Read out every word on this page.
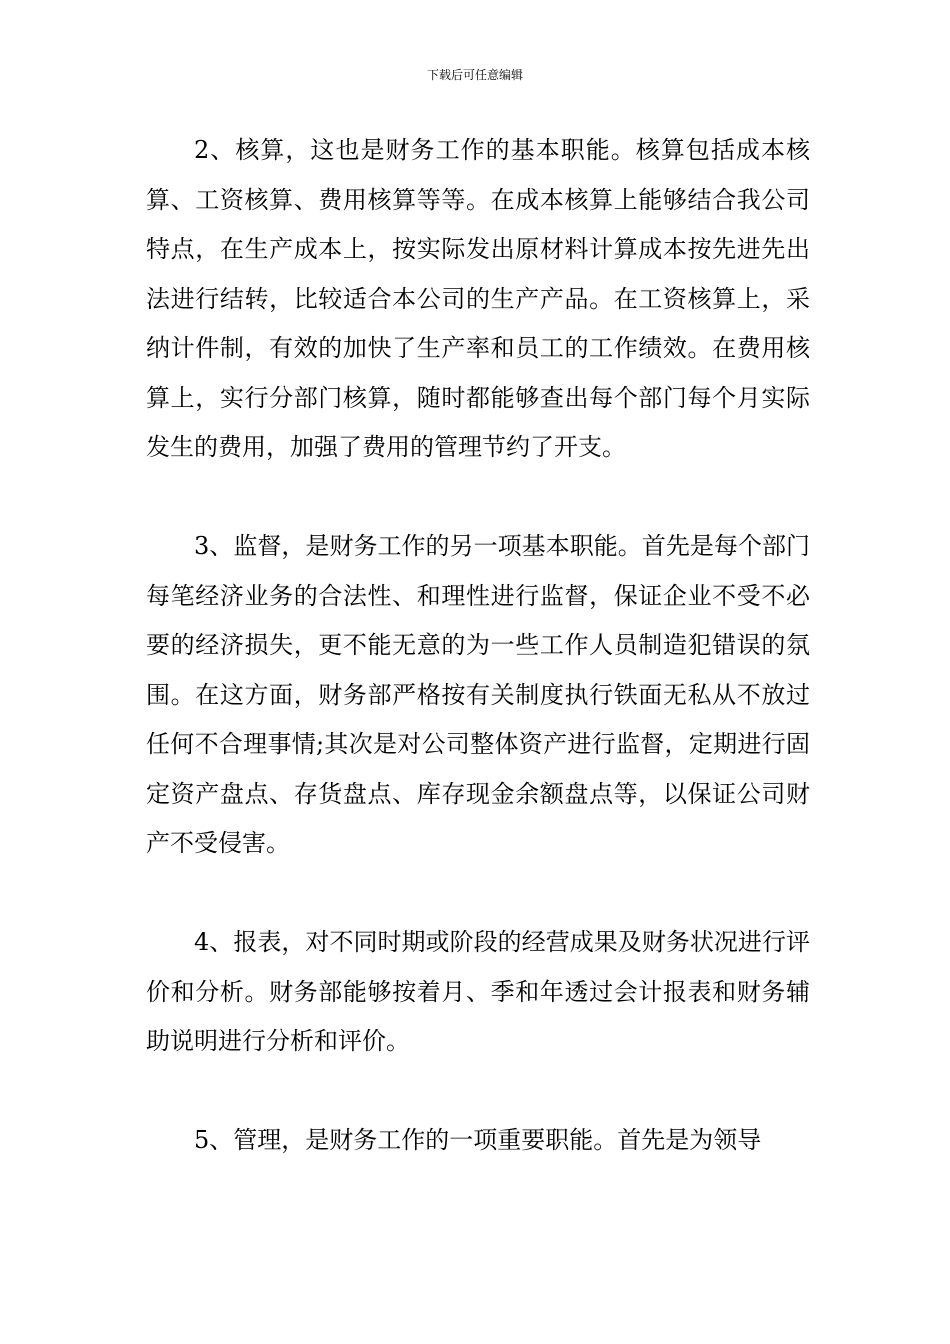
下载后可任意编辑

2、核算，这也是财务工作的基本职能。核算包括成本核算、工资核算、费用核算等等。在成本核算上能够结合我公司特点，在生产成本上，按实际发出原材料计算成本按先进先出法进行结转，比较适合本公司的生产产品。在工资核算上，采纳计件制，有效的加快了生产率和员工的工作绩效。在费用核算上，实行分部门核算，随时都能够查出每个部门每个月实际发生的费用，加强了费用的管理节约了开支。

3、监督，是财务工作的另一项基本职能。首先是每个部门每笔经济业务的合法性、和理性进行监督，保证企业不受不必要的经济损失，更不能无意的为一些工作人员制造犯错误的氛围。在这方面，财务部严格按有关制度执行铁面无私从不放过任何不合理事情;其次是对公司整体资产进行监督，定期进行固定资产盘点、存货盘点、库存现金余额盘点等，以保证公司财产不受侵害。

4、报表，对不同时期或阶段的经营成果及财务状况进行评价和分析。财务部能够按着月、季和年透过会计报表和财务辅助说明进行分析和评价。

5、管理，是财务工作的一项重要职能。首先是为领导
